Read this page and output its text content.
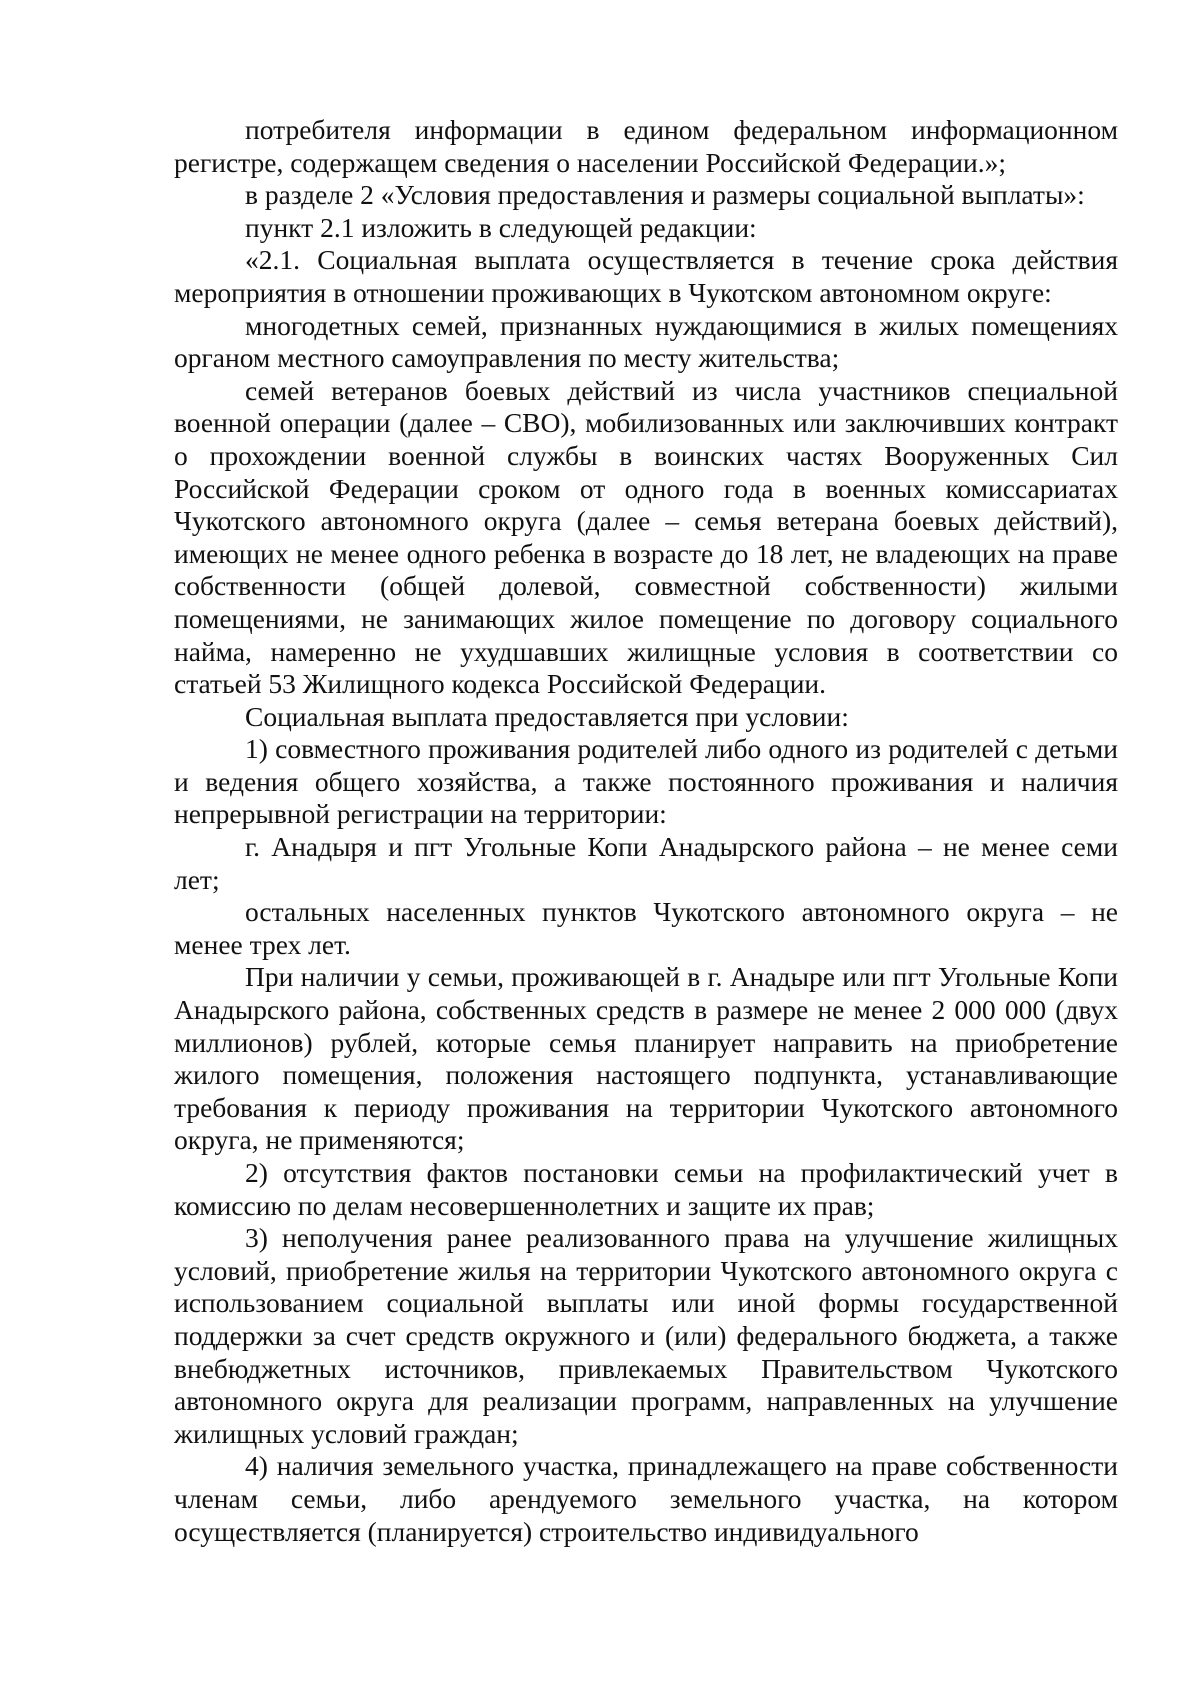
потребителя информации в едином федеральном информационном регистре, содержащем сведения о населении Российской Федерации.»;

в разделе 2 «Условия предоставления и размеры социальной выплаты»:

пункт 2.1 изложить в следующей редакции:

«2.1. Социальная выплата осуществляется в течение срока действия мероприятия в отношении проживающих в Чукотском автономном округе:

многодетных семей, признанных нуждающимися в жилых помещениях органом местного самоуправления по месту жительства;

семей ветеранов боевых действий из числа участников специальной военной операции (далее – СВО), мобилизованных или заключивших контракт о прохождении военной службы в воинских частях Вооруженных Сил Российской Федерации сроком от одного года в военных комиссариатах Чукотского автономного округа (далее – семья ветерана боевых действий), имеющих не менее одного ребенка в возрасте до 18 лет, не владеющих на праве собственности (общей долевой, совместной собственности) жилыми помещениями, не занимающих жилое помещение по договору социального найма, намеренно не ухудшавших жилищные условия в соответствии со статьей 53 Жилищного кодекса Российской Федерации.

Социальная выплата предоставляется при условии:

1) совместного проживания родителей либо одного из родителей с детьми и ведения общего хозяйства, а также постоянного проживания и наличия непрерывной регистрации на территории:

г. Анадыря и пгт Угольные Копи Анадырского района – не менее семи лет;

остальных населенных пунктов Чукотского автономного округа – не менее трех лет.

При наличии у семьи, проживающей в г. Анадыре или пгт Угольные Копи Анадырского района, собственных средств в размере не менее 2 000 000 (двух миллионов) рублей, которые семья планирует направить на приобретение жилого помещения, положения настоящего подпункта, устанавливающие требования к периоду проживания на территории Чукотского автономного округа, не применяются;

2) отсутствия фактов постановки семьи на профилактический учет в комиссию по делам несовершеннолетних и защите их прав;

3) неполучения ранее реализованного права на улучшение жилищных условий, приобретение жилья на территории Чукотского автономного округа с использованием социальной выплаты или иной формы государственной поддержки за счет средств окружного и (или) федерального бюджета, а также внебюджетных источников, привлекаемых Правительством Чукотского автономного округа для реализации программ, направленных на улучшение жилищных условий граждан;

4) наличия земельного участка, принадлежащего на праве собственности членам семьи, либо арендуемого земельного участка, на котором осуществляется (планируется) строительство индивидуального
